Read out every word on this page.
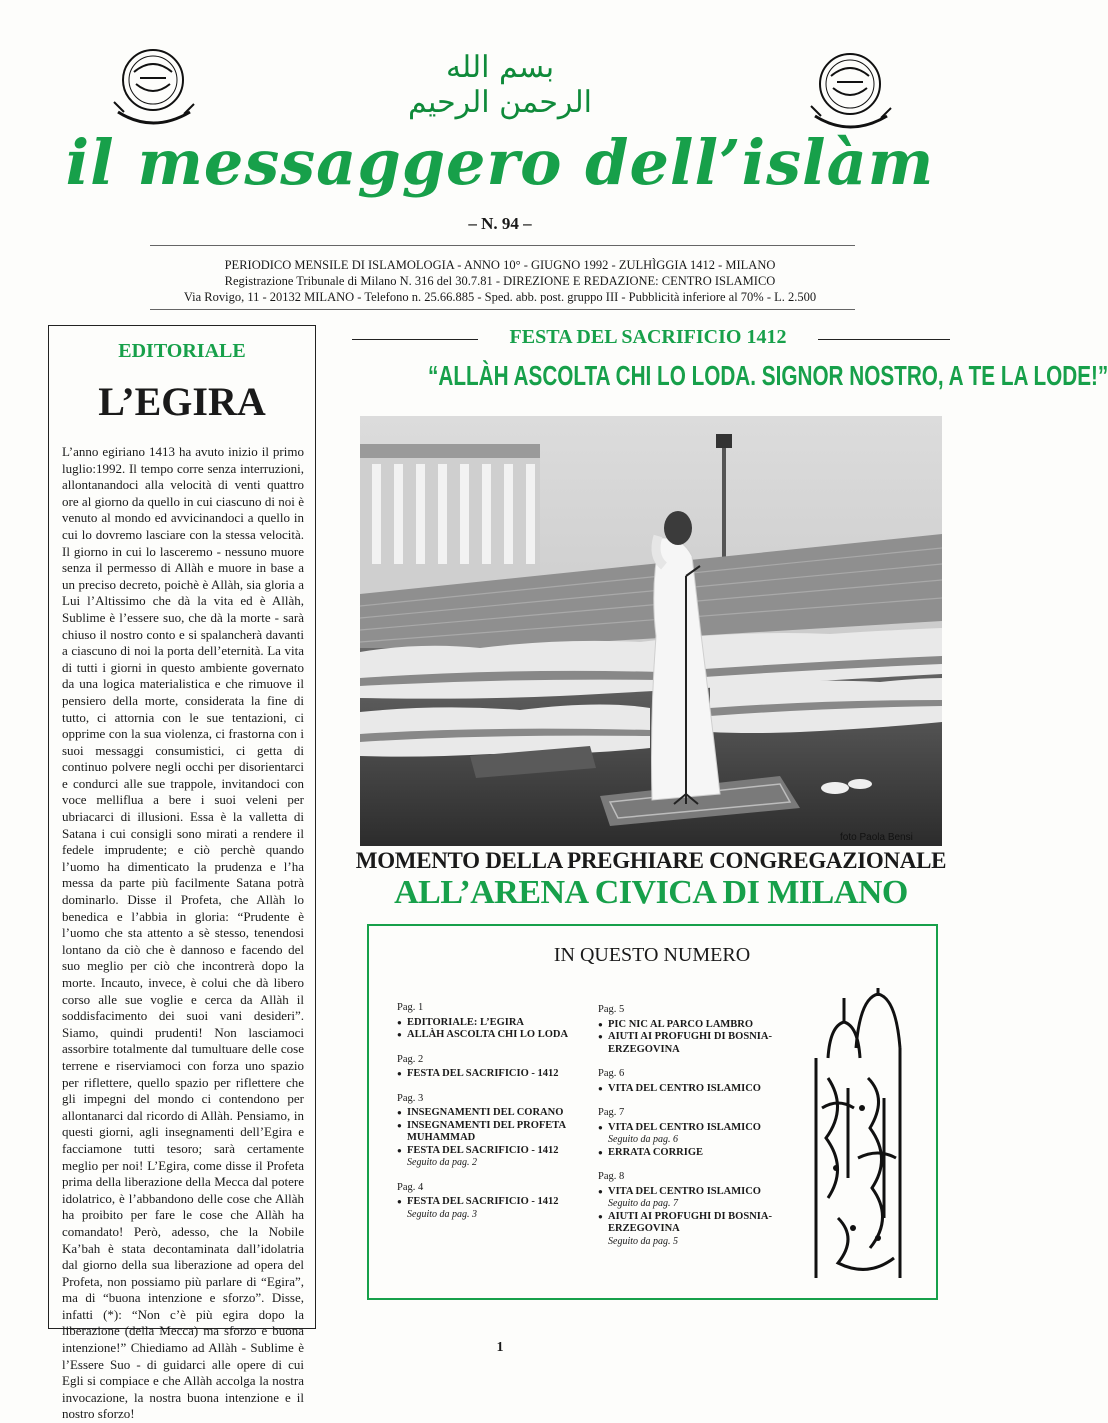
بسم الله الرحمن الرحيم
il messaggero dell’islàm
– N. 94 –
PERIODICO MENSILE DI ISLAMOLOGIA - ANNO 10° - GIUGNO 1992 - ZULHÌGGIA 1412 - MILANO
Registrazione Tribunale di Milano N. 316 del 30.7.81 - DIREZIONE E REDAZIONE: CENTRO ISLAMICO
Via Rovigo, 11 - 20132 MILANO - Telefono n. 25.66.885 - Sped. abb. post. gruppo III - Pubblicità inferiore al 70% - L. 2.500
EDITORIALE
L’EGIRA
L’anno egiriano 1413 ha avuto inizio il primo luglio:1992. Il tempo corre senza interruzioni, allontanandoci alla velocità di venti quattro ore al giorno da quello in cui ciascuno di noi è venuto al mondo ed avvicinandoci a quello in cui lo dovremo lasciare con la stessa velocità. Il giorno in cui lo lasceremo - nessuno muore senza il permesso di Allàh e muore in base a un preciso decreto, poichè è Allàh, sia gloria a Lui l’Altissimo che dà la vita ed è Allàh, Sublime è l’essere suo, che dà la morte - sarà chiuso il nostro conto e si spalancherà davanti a ciascuno di noi la porta dell’eternità. La vita di tutti i giorni in questo ambiente governato da una logica materialistica e che rimuove il pensiero della morte, considerata la fine di tutto, ci attornia con le sue tentazioni, ci opprime con la sua violenza, ci frastorna con i suoi messaggi consumistici, ci getta di continuo polvere negli occhi per disorientarci e condurci alle sue trappole, invitandoci con voce melliflua a bere i suoi veleni per ubriacarci di illusioni. Essa è la valletta di Satana i cui consigli sono mirati a rendere il fedele imprudente; e ciò perchè quando l’uomo ha dimenticato la prudenza e l’ha messa da parte più facilmente Satana potrà dominarlo. Disse il Profeta, che Allàh lo benedica e l’abbia in gloria: “Prudente è l’uomo che sta attento a sè stesso, tenendosi lontano da ciò che è dannoso e facendo del suo meglio per ciò che incontrerà dopo la morte. Incauto, invece, è colui che dà libero corso alle sue voglie e cerca da Allàh il soddisfacimento dei suoi vani desideri”. Siamo, quindi prudenti! Non lasciamoci assorbire totalmente dal tumultuare delle cose terrene e riserviamoci con forza uno spazio per riflettere, quello spazio per riflettere che gli impegni del mondo ci contendono per allontanarci dal ricordo di Allàh. Pensiamo, in questi giorni, agli insegnamenti dell’Egira e facciamone tutti tesoro; sarà certamente meglio per noi! L’Egira, come disse il Profeta prima della liberazione della Mecca dal potere idolatrico, è l’abbandono delle cose che Allàh ha proibito per fare le cose che Allàh ha comandato! Però, adesso, che la Nobile Ka’bah è stata decontaminata dall’idolatria dal giorno della sua liberazione ad opera del Profeta, non possiamo più parlare di “Egira”, ma di “buona intenzione e sforzo”. Disse, infatti (*): “Non c’è più egira dopo la liberazione (della Mecca) ma sforzo e buona intenzione!” Chiediamo ad Allàh - Sublime è l’Essere Suo - di guidarci alle opere di cui Egli si compiace e che Allàh accolga la nostra invocazione, la nostra buona intenzione e il nostro sforzo!
FESTA DEL SACRIFICIO 1412
“ALLÀH ASCOLTA CHI LO LODA. SIGNOR NOSTRO, A TE LA LODE!”
foto Paola Bensi
MOMENTO DELLA PREGHIARE CONGREGAZIONALE
ALL’ARENA CIVICA DI MILANO
IN QUESTO NUMERO
Pag. 1
● EDITORIALE: L’EGIRA
● ALLÀH ASCOLTA CHI LO LODA
Pag. 2
● FESTA DEL SACRIFICIO - 1412
Pag. 3
● INSEGNAMENTI DEL CORANO
● INSEGNAMENTI DEL PROFETA MUHAMMAD
● FESTA DEL SACRIFICIO - 1412
Seguito da pag. 2
Pag. 4
● FESTA DEL SACRIFICIO - 1412
Seguito da pag. 3
Pag. 5
● PIC NIC AL PARCO LAMBRO
● AIUTI AI PROFUGHI DI BOSNIA-ERZEGOVINA
Pag. 6
● VITA DEL CENTRO ISLAMICO
Pag. 7
● VITA DEL CENTRO ISLAMICO
Seguito da pag. 6
● ERRATA CORRIGE
Pag. 8
● VITA DEL CENTRO ISLAMICO
Seguito da pag. 7
● AIUTI AI PROFUGHI DI BOSNIA-ERZEGOVINA
Seguito da pag. 5
1
